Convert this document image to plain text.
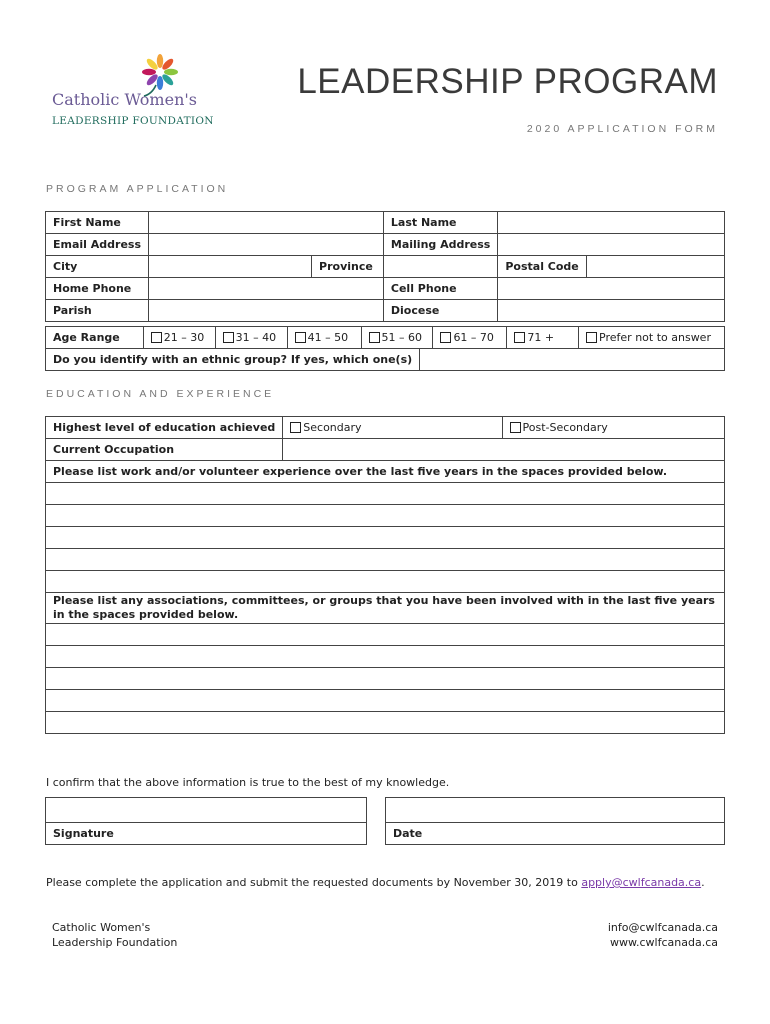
Catholic Women's
LEADERSHIP FOUNDATION
LEADERSHIP PROGRAM
2020 APPLICATION FORM
PROGRAM APPLICATION
First Name			Last Name		
Email Address			Mailing Address		
City		Province		Postal Code	
Home Phone			Cell Phone		
Parish			Diocese		
Age Range	21 – 30	31 – 40	41 – 50	51 – 60	61 – 70	71 +	Prefer not to answer
Do you identify with an ethnic group? If yes, which one(s)	
EDUCATION AND EXPERIENCE
Highest level of education achieved	Secondary	Post-Secondary
Current Occupation		
Please list work and/or volunteer experience over the last five years in the spaces provided below.		

Please list any associations, committees, or groups that you have been involved with in the last five years in the spaces provided below.		

I confirm that the above information is true to the best of my knowledge.
Signature	Date
Please complete the application and submit the requested documents by November 30, 2019 to apply@cwlfcanada.ca.
Catholic Women's
Leadership Foundation
info@cwlfcanada.ca
www.cwlfcanada.ca
